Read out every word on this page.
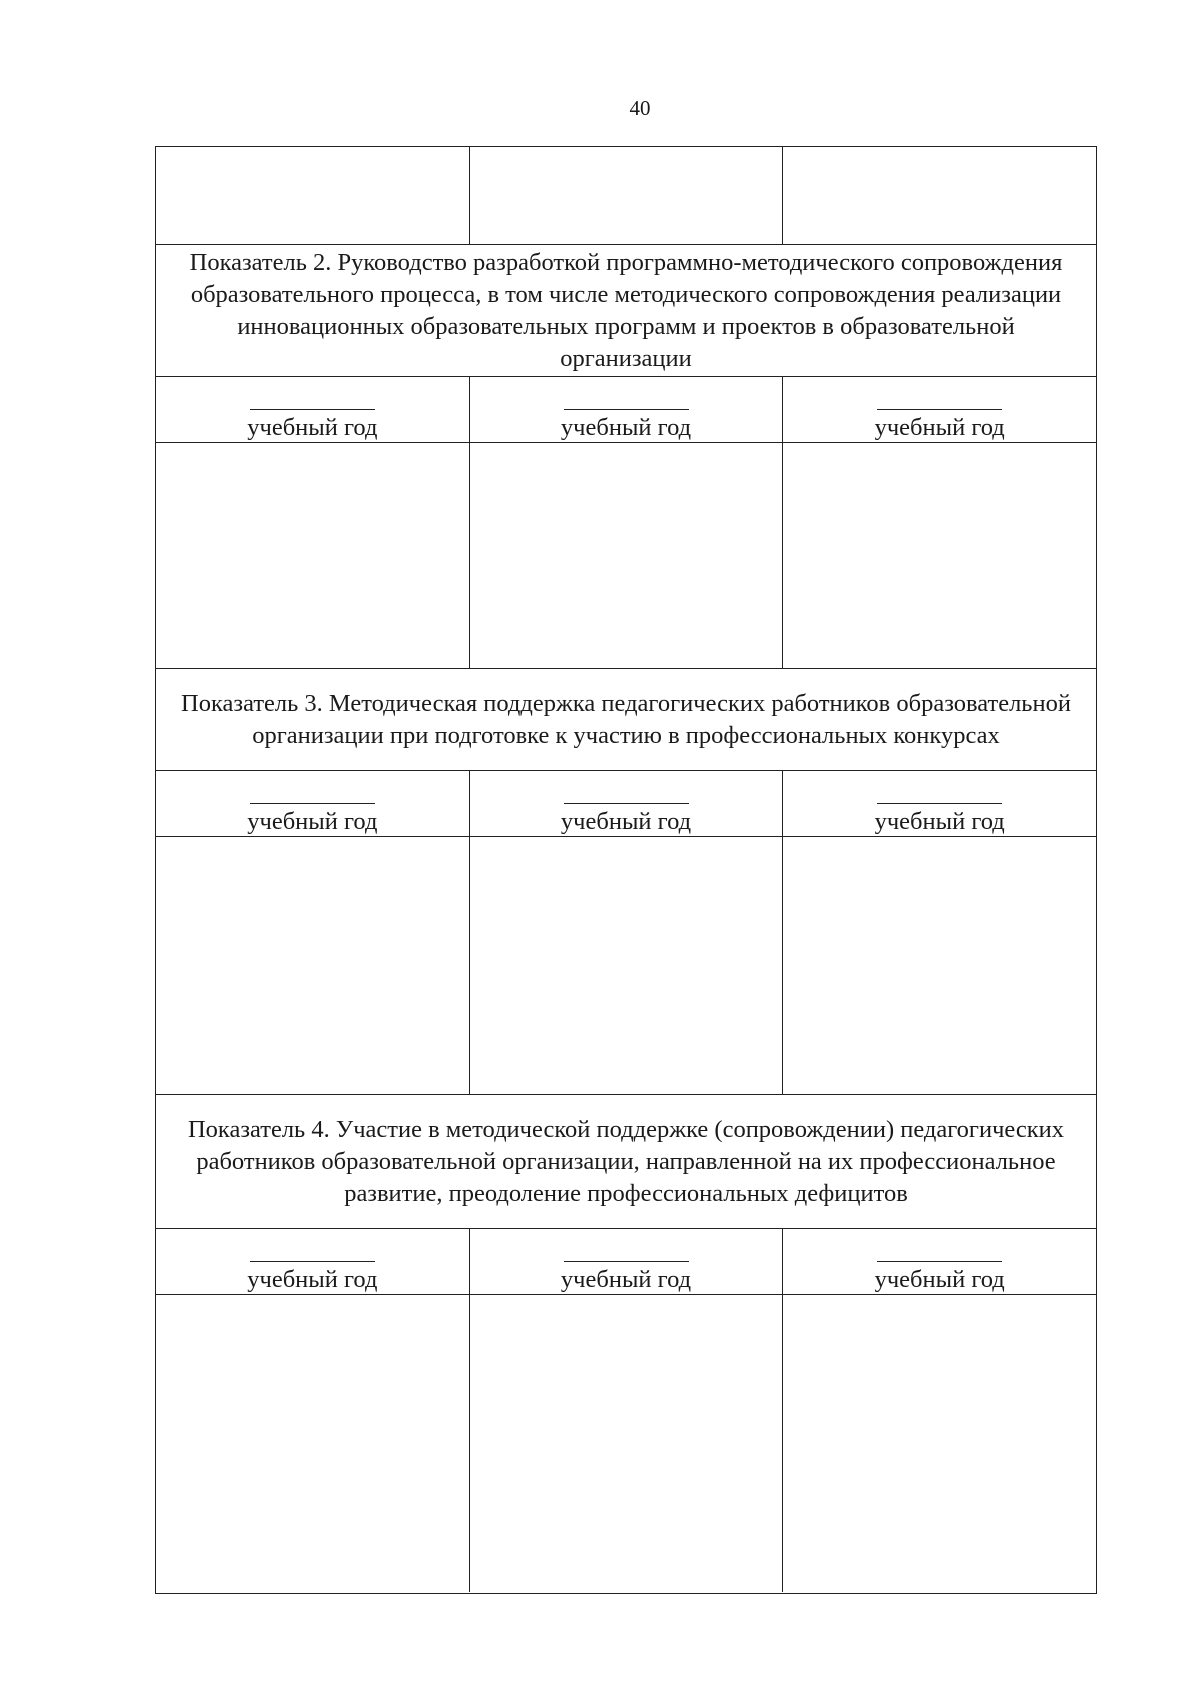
40
Показатель 2. Руководство разработкой программно-методического сопровождения образовательного процесса, в том числе методического сопровождения реализации инновационных образовательных программ и проектов в образовательной организации
учебный год	учебный год	учебный год
Показатель 3. Методическая поддержка педагогических работников образовательной организации при подготовке к участию в профессиональных конкурсах
учебный год	учебный год	учебный год
Показатель 4. Участие в методической поддержке (сопровождении) педагогических работников образовательной организации, направленной на их профессиональное развитие, преодоление профессиональных дефицитов
учебный год	учебный год	учебный год
